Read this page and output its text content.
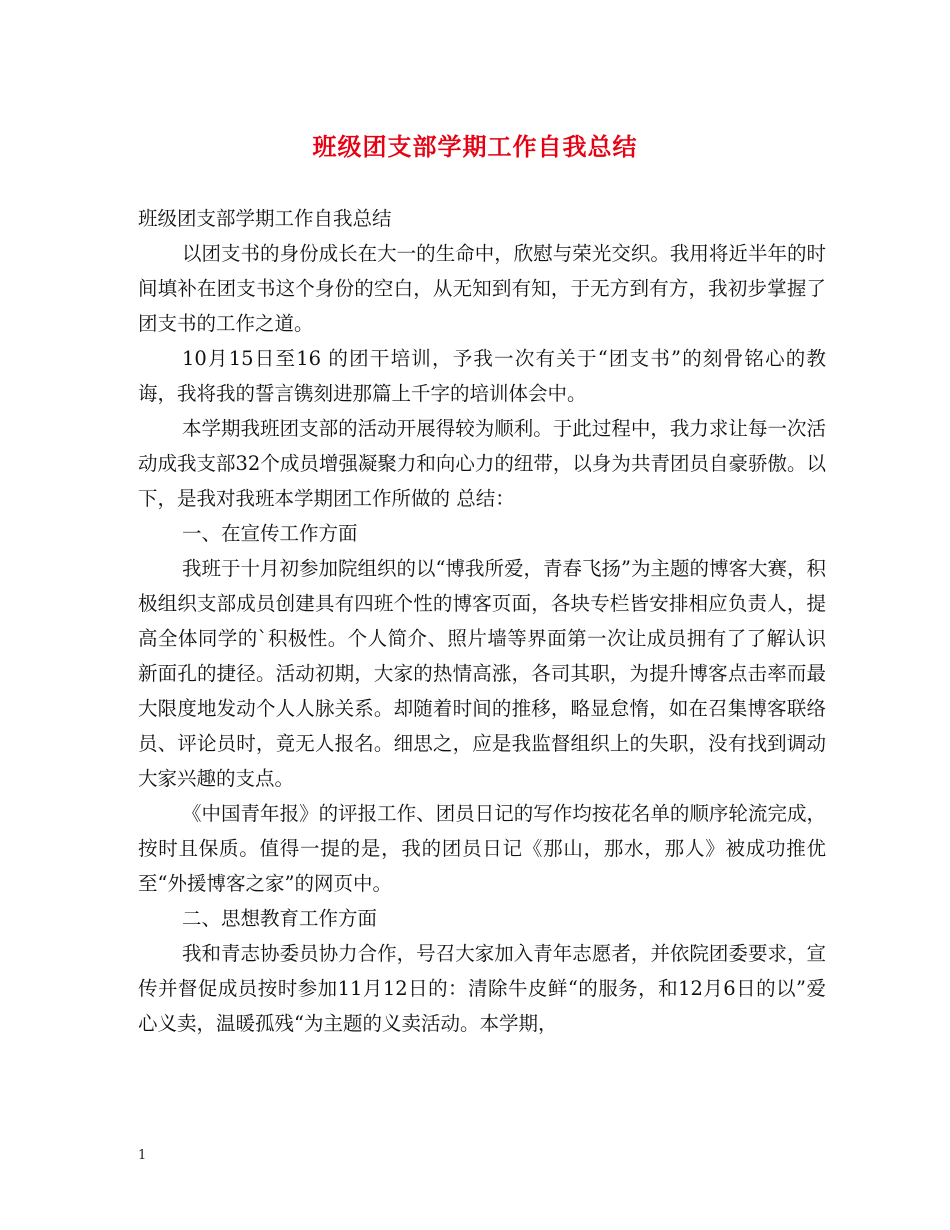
班级团支部学期工作自我总结

班级团支部学期工作自我总结

以团支书的身份成长在大一的生命中，欣慰与荣光交织。我用将近半年的时间填补在团支书这个身份的空白，从无知到有知，于无方到有方，我初步掌握了团支书的工作之道。

10月15日至16 的团干培训，予我一次有关于“团支书”的刻骨铭心的教诲，我将我的誓言镌刻进那篇上千字的培训体会中。

本学期我班团支部的活动开展得较为顺利。于此过程中，我力求让每一次活动成我支部32个成员增强凝聚力和向心力的纽带，以身为共青团员自豪骄傲。以下，是我对我班本学期团工作所做的 总结：

一、在宣传工作方面

我班于十月初参加院组织的以“博我所爱，青春飞扬”为主题的博客大赛，积极组织支部成员创建具有四班个性的博客页面，各块专栏皆安排相应负责人，提高全体同学的`积极性。个人简介、照片墙等界面第一次让成员拥有了了解认识新面孔的捷径。活动初期，大家的热情高涨，各司其职，为提升博客点击率而最大限度地发动个人人脉关系。却随着时间的推移，略显怠惰，如在召集博客联络员、评论员时，竟无人报名。细思之，应是我监督组织上的失职，没有找到调动大家兴趣的支点。

《中国青年报》的评报工作、团员日记的写作均按花名单的顺序轮流完成，按时且保质。值得一提的是，我的团员日记《那山，那水，那人》被成功推优至“外援博客之家”的网页中。

二、思想教育工作方面

我和青志协委员协力合作，号召大家加入青年志愿者，并依院团委要求，宣传并督促成员按时参加11月12日的：清除牛皮鲜“的服务，和12月6日的以”爱心义卖，温暖孤残“为主题的义卖活动。本学期，

1
